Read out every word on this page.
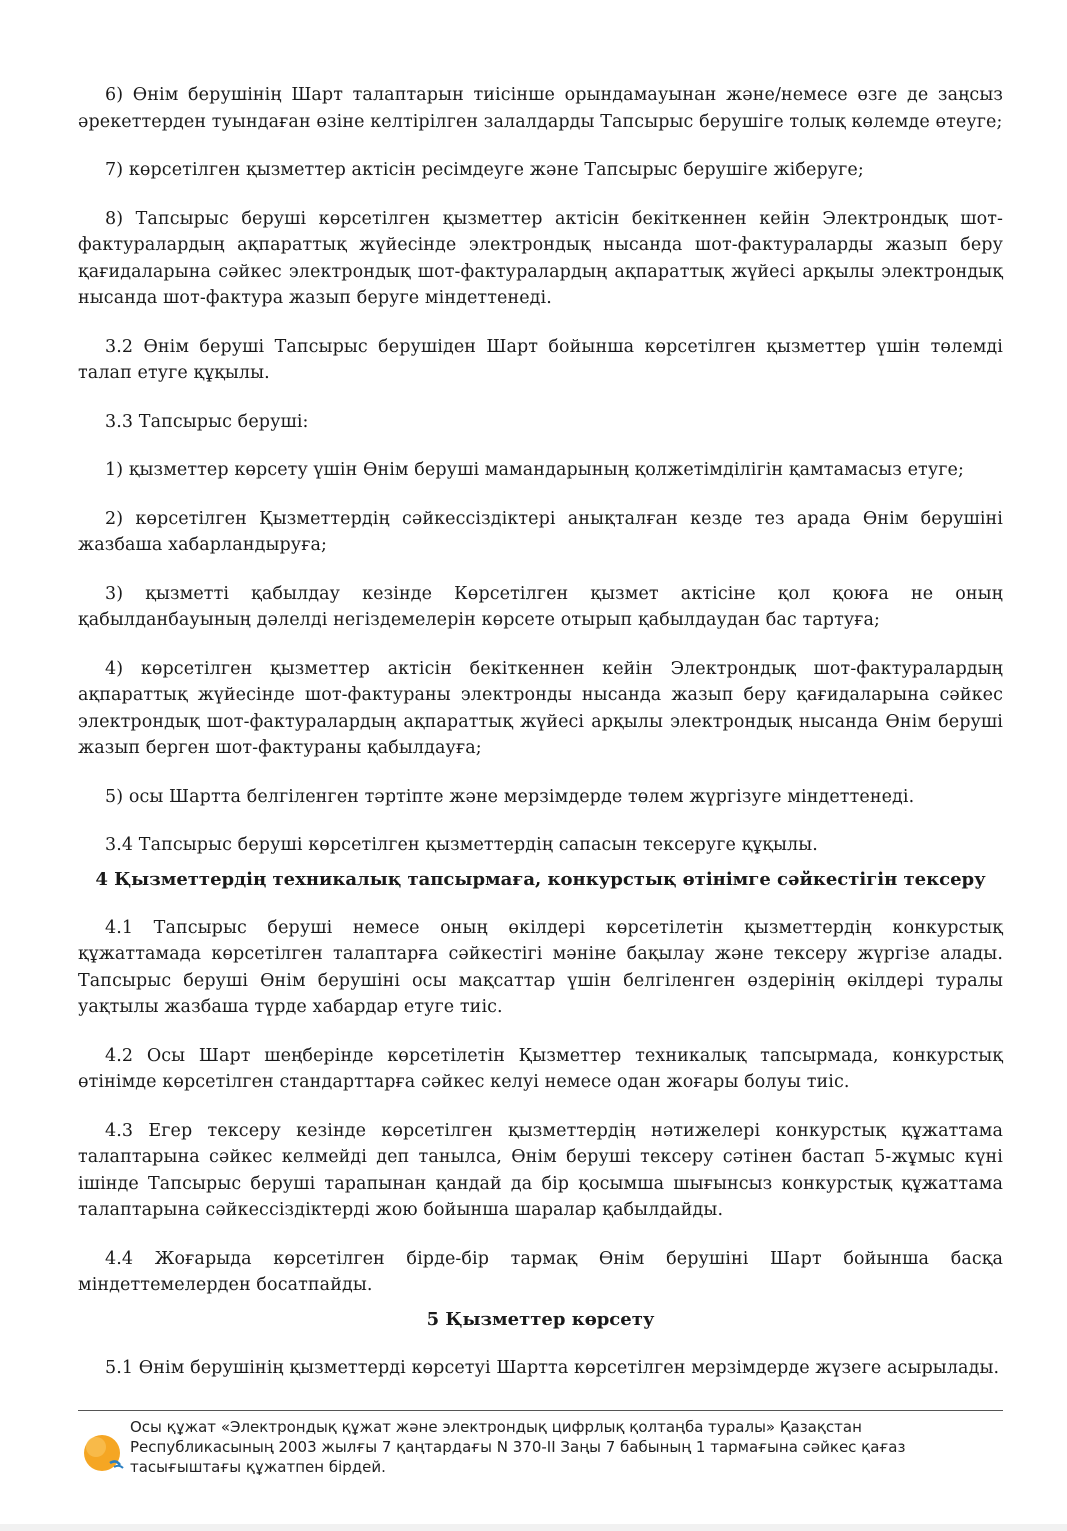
6) Өнім берушінің Шарт талаптарын тиісінше орындамауынан және/немесе өзге де заңсыз әрекеттерден туындаған өзіне келтірілген залалдарды Тапсырыс берушіге толық көлемде өтеуге;

7) көрсетілген қызметтер актісін ресімдеуге және Тапсырыс берушіге жіберуге;

8) Тапсырыс беруші көрсетілген қызметтер актісін бекіткеннен кейін Электрондық шот-фактуралардың ақпараттық жүйесінде электрондық нысанда шот-фактураларды жазып беру қағидаларына сәйкес электрондық шот-фактуралардың ақпараттық жүйесі арқылы электрондық нысанда шот-фактура жазып беруге міндеттенеді.

3.2 Өнім беруші Тапсырыс берушіден Шарт бойынша көрсетілген қызметтер үшін төлемді талап етуге құқылы.

3.3 Тапсырыс беруші:

1) қызметтер көрсету үшін Өнім беруші мамандарының қолжетімділігін қамтамасыз етуге;

2) көрсетілген Қызметтердің сәйкессіздіктері анықталған кезде тез арада Өнім берушіні жазбаша хабарландыруға;

3) қызметті қабылдау кезінде Көрсетілген қызмет актісіне қол қоюға не оның қабылданбауының дәлелді негіздемелерін көрсете отырып қабылдаудан бас тартуға;

4) көрсетілген қызметтер актісін бекіткеннен кейін Электрондық шот-фактуралардың ақпараттық жүйесінде шот-фактураны электронды нысанда жазып беру қағидаларына сәйкес электрондық шот-фактуралардың ақпараттық жүйесі арқылы электрондық нысанда Өнім беруші жазып берген шот-фактураны қабылдауға;

5) осы Шартта белгіленген тәртіпте және мерзімдерде төлем жүргізуге міндеттенеді.

3.4 Тапсырыс беруші көрсетілген қызметтердің сапасын тексеруге құқылы.

4 Қызметтердің техникалық тапсырмаға, конкурстық өтінімге сәйкестігін тексеру

4.1 Тапсырыс беруші немесе оның өкілдері көрсетілетін қызметтердің конкурстық құжаттамада көрсетілген талаптарға сәйкестігі мәніне бақылау және тексеру жүргізе алады. Тапсырыс беруші Өнім берушіні осы мақсаттар үшін белгіленген өздерінің өкілдері туралы уақтылы жазбаша түрде хабардар етуге тиіс.

4.2 Осы Шарт шеңберінде көрсетілетін Қызметтер техникалық тапсырмада, конкурстық өтінімде көрсетілген стандарттарға сәйкес келуі немесе одан жоғары болуы тиіс.

4.3 Егер тексеру кезінде көрсетілген қызметтердің нәтижелері конкурстық құжаттама талаптарына сәйкес келмейді деп танылса, Өнім беруші тексеру сәтінен бастап 5-жұмыс күні ішінде Тапсырыс беруші тарапынан қандай да бір қосымша шығынсыз конкурстық құжаттама талаптарына сәйкессіздіктерді жою бойынша шаралар қабылдайды.

4.4 Жоғарыда көрсетілген бірде-бір тармақ Өнім берушіні Шарт бойынша басқа міндеттемелерден босатпайды.

5 Қызметтер көрсету

5.1 Өнім берушінің қызметтерді көрсетуі Шартта көрсетілген мерзімдерде жүзеге асырылады.

Осы құжат «Электрондық құжат және электрондық цифрлық қолтаңба туралы» Қазақстан Республикасының 2003 жылғы 7 қаңтардағы N 370-II Заңы 7 бабының 1 тармағына сәйкес қағаз тасығыштағы құжатпен бірдей.
